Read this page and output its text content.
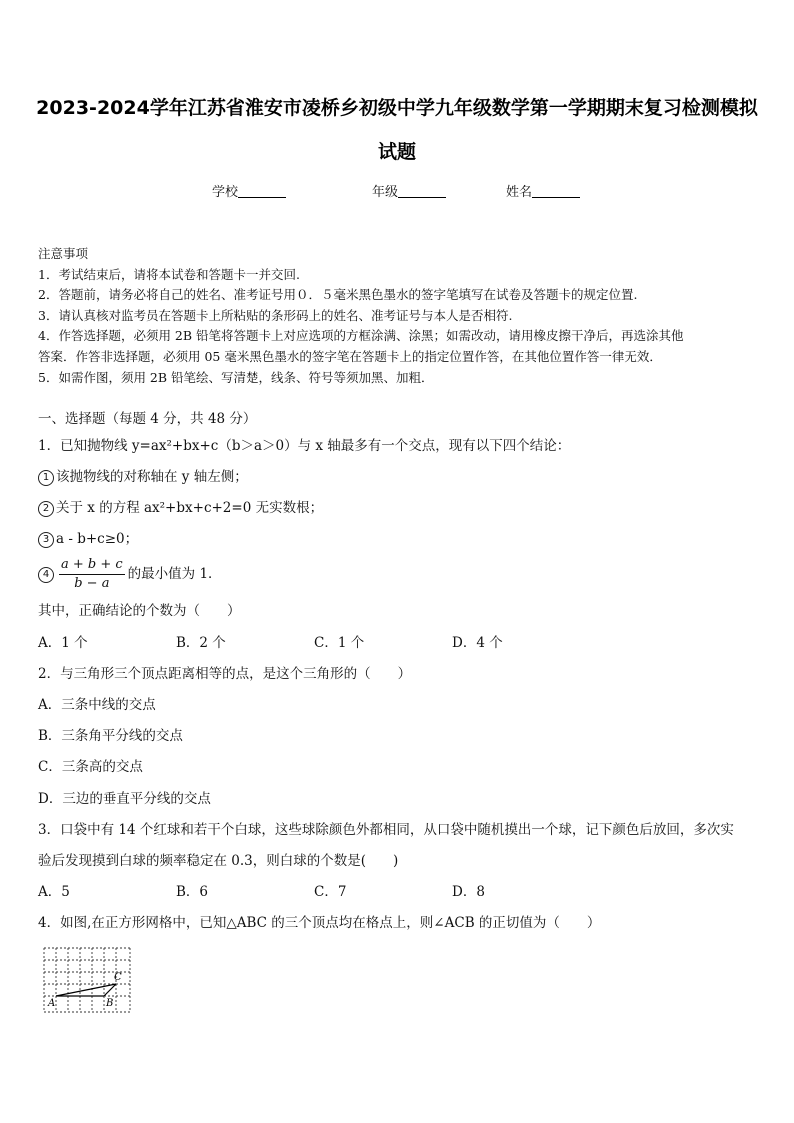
2023-2024学年江苏省淮安市凌桥乡初级中学九年级数学第一学期期末复习检测模拟
试题
学校	年级	姓名
注意事项
1．考试结束后，请将本试卷和答题卡一并交回.
2．答题前，请务必将自己的姓名、准考证号用０．５毫米黑色墨水的签字笔填写在试卷及答题卡的规定位置.
3．请认真核对监考员在答题卡上所粘贴的条形码上的姓名、准考证号与本人是否相符.
4．作答选择题，必须用 2B 铅笔将答题卡上对应选项的方框涂满、涂黑；如需改动，请用橡皮擦干净后，再选涂其他
答案．作答非选择题，必须用 05 毫米黑色墨水的签字笔在答题卡上的指定位置作答，在其他位置作答一律无效．
5．如需作图，须用 2B 铅笔绘、写清楚，线条、符号等须加黑、加粗．
一、选择题（每题 4 分，共 48 分）
1．已知抛物线 y=ax²+bx+c（b＞a＞0）与 x 轴最多有一个交点，现有以下四个结论：
1 该抛物线的对称轴在 y 轴左侧；
2 关于 x 的方程 ax²+bx+c+2=0 无实数根；
3 a - b+c≥0；
$4 \frac{a + b + c}{b - a}$ 的最小值为 1．
其中，正确结论的个数为（　　）
A．1 个	B．2 个	C．1 个	D．4 个
2．与三角形三个顶点距离相等的点，是这个三角形的（　　）
A．三条中线的交点
B．三条角平分线的交点
C．三条高的交点
D．三边的垂直平分线的交点
3．口袋中有 14 个红球和若干个白球，这些球除颜色外都相同，从口袋中随机摸出一个球，记下颜色后放回，多次实
验后发现摸到白球的频率稳定在 0.3，则白球的个数是(　　)
A．5	B．6	C．7	D．8
4．如图,在正方形网格中，已知△ABC 的三个顶点均在格点上，则∠ACB 的正切值为（　　）
A	B
C
